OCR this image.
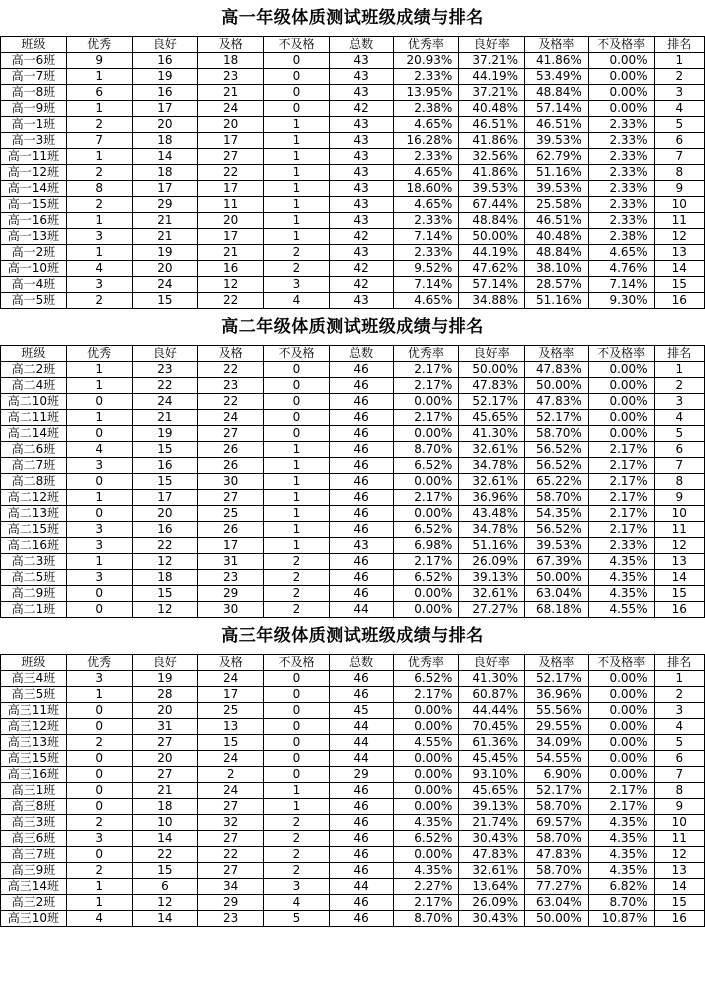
高一年级体质测试班级成绩与排名
班级	优秀	良好	及格	不及格	总数	优秀率	良好率	及格率	不及格率	排名
高一6班	9	16	18	0	43	20.93%	37.21%	41.86%	0.00%	1
高一7班	1	19	23	0	43	2.33%	44.19%	53.49%	0.00%	2
高一8班	6	16	21	0	43	13.95%	37.21%	48.84%	0.00%	3
高一9班	1	17	24	0	42	2.38%	40.48%	57.14%	0.00%	4
高一1班	2	20	20	1	43	4.65%	46.51%	46.51%	2.33%	5
高一3班	7	18	17	1	43	16.28%	41.86%	39.53%	2.33%	6
高一11班	1	14	27	1	43	2.33%	32.56%	62.79%	2.33%	7
高一12班	2	18	22	1	43	4.65%	41.86%	51.16%	2.33%	8
高一14班	8	17	17	1	43	18.60%	39.53%	39.53%	2.33%	9
高一15班	2	29	11	1	43	4.65%	67.44%	25.58%	2.33%	10
高一16班	1	21	20	1	43	2.33%	48.84%	46.51%	2.33%	11
高一13班	3	21	17	1	42	7.14%	50.00%	40.48%	2.38%	12
高一2班	1	19	21	2	43	2.33%	44.19%	48.84%	4.65%	13
高一10班	4	20	16	2	42	9.52%	47.62%	38.10%	4.76%	14
高一4班	3	24	12	3	42	7.14%	57.14%	28.57%	7.14%	15
高一5班	2	15	22	4	43	4.65%	34.88%	51.16%	9.30%	16
高二年级体质测试班级成绩与排名
班级	优秀	良好	及格	不及格	总数	优秀率	良好率	及格率	不及格率	排名
高二2班	1	23	22	0	46	2.17%	50.00%	47.83%	0.00%	1
高二4班	1	22	23	0	46	2.17%	47.83%	50.00%	0.00%	2
高二10班	0	24	22	0	46	0.00%	52.17%	47.83%	0.00%	3
高二11班	1	21	24	0	46	2.17%	45.65%	52.17%	0.00%	4
高二14班	0	19	27	0	46	0.00%	41.30%	58.70%	0.00%	5
高二6班	4	15	26	1	46	8.70%	32.61%	56.52%	2.17%	6
高二7班	3	16	26	1	46	6.52%	34.78%	56.52%	2.17%	7
高二8班	0	15	30	1	46	0.00%	32.61%	65.22%	2.17%	8
高二12班	1	17	27	1	46	2.17%	36.96%	58.70%	2.17%	9
高二13班	0	20	25	1	46	0.00%	43.48%	54.35%	2.17%	10
高二15班	3	16	26	1	46	6.52%	34.78%	56.52%	2.17%	11
高二16班	3	22	17	1	43	6.98%	51.16%	39.53%	2.33%	12
高二3班	1	12	31	2	46	2.17%	26.09%	67.39%	4.35%	13
高二5班	3	18	23	2	46	6.52%	39.13%	50.00%	4.35%	14
高二9班	0	15	29	2	46	0.00%	32.61%	63.04%	4.35%	15
高二1班	0	12	30	2	44	0.00%	27.27%	68.18%	4.55%	16
高三年级体质测试班级成绩与排名
班级	优秀	良好	及格	不及格	总数	优秀率	良好率	及格率	不及格率	排名
高三4班	3	19	24	0	46	6.52%	41.30%	52.17%	0.00%	1
高三5班	1	28	17	0	46	2.17%	60.87%	36.96%	0.00%	2
高三11班	0	20	25	0	45	0.00%	44.44%	55.56%	0.00%	3
高三12班	0	31	13	0	44	0.00%	70.45%	29.55%	0.00%	4
高三13班	2	27	15	0	44	4.55%	61.36%	34.09%	0.00%	5
高三15班	0	20	24	0	44	0.00%	45.45%	54.55%	0.00%	6
高三16班	0	27	2	0	29	0.00%	93.10%	6.90%	0.00%	7
高三1班	0	21	24	1	46	0.00%	45.65%	52.17%	2.17%	8
高三8班	0	18	27	1	46	0.00%	39.13%	58.70%	2.17%	9
高三3班	2	10	32	2	46	4.35%	21.74%	69.57%	4.35%	10
高三6班	3	14	27	2	46	6.52%	30.43%	58.70%	4.35%	11
高三7班	0	22	22	2	46	0.00%	47.83%	47.83%	4.35%	12
高三9班	2	15	27	2	46	4.35%	32.61%	58.70%	4.35%	13
高三14班	1	6	34	3	44	2.27%	13.64%	77.27%	6.82%	14
高三2班	1	12	29	4	46	2.17%	26.09%	63.04%	8.70%	15
高三10班	4	14	23	5	46	8.70%	30.43%	50.00%	10.87%	16
